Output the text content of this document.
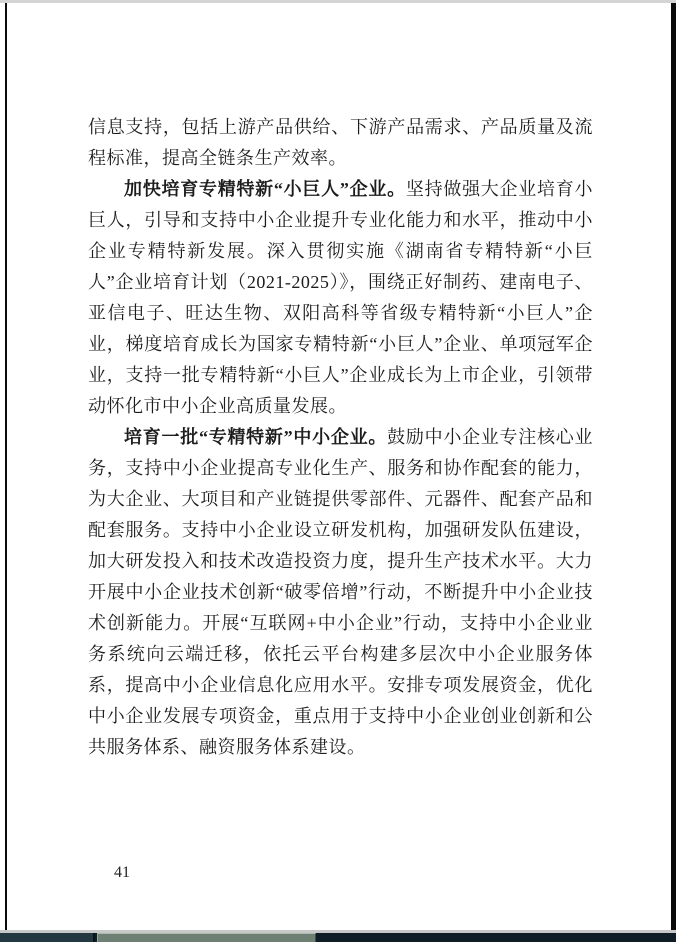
信息支持，包括上游产品供给、下游产品需求、产品质量及流程标准，提高全链条生产效率。

加快培育专精特新“小巨人”企业。坚持做强大企业培育小巨人，引导和支持中小企业提升专业化能力和水平，推动中小企业专精特新发展。深入贯彻实施《湖南省专精特新“小巨人”企业培育计划（2021-2025）》，围绕正好制药、建南电子、亚信电子、旺达生物、双阳高科等省级专精特新“小巨人”企业，梯度培育成长为国家专精特新“小巨人”企业、单项冠军企业，支持一批专精特新“小巨人”企业成长为上市企业，引领带动怀化市中小企业高质量发展。

培育一批“专精特新”中小企业。鼓励中小企业专注核心业务，支持中小企业提高专业化生产、服务和协作配套的能力，为大企业、大项目和产业链提供零部件、元器件、配套产品和配套服务。支持中小企业设立研发机构，加强研发队伍建设，加大研发投入和技术改造投资力度，提升生产技术水平。大力开展中小企业技术创新“破零倍增”行动，不断提升中小企业技术创新能力。开展“互联网+中小企业”行动，支持中小企业业务系统向云端迁移，依托云平台构建多层次中小企业服务体系，提高中小企业信息化应用水平。安排专项发展资金，优化中小企业发展专项资金，重点用于支持中小企业创业创新和公共服务体系、融资服务体系建设。

41
